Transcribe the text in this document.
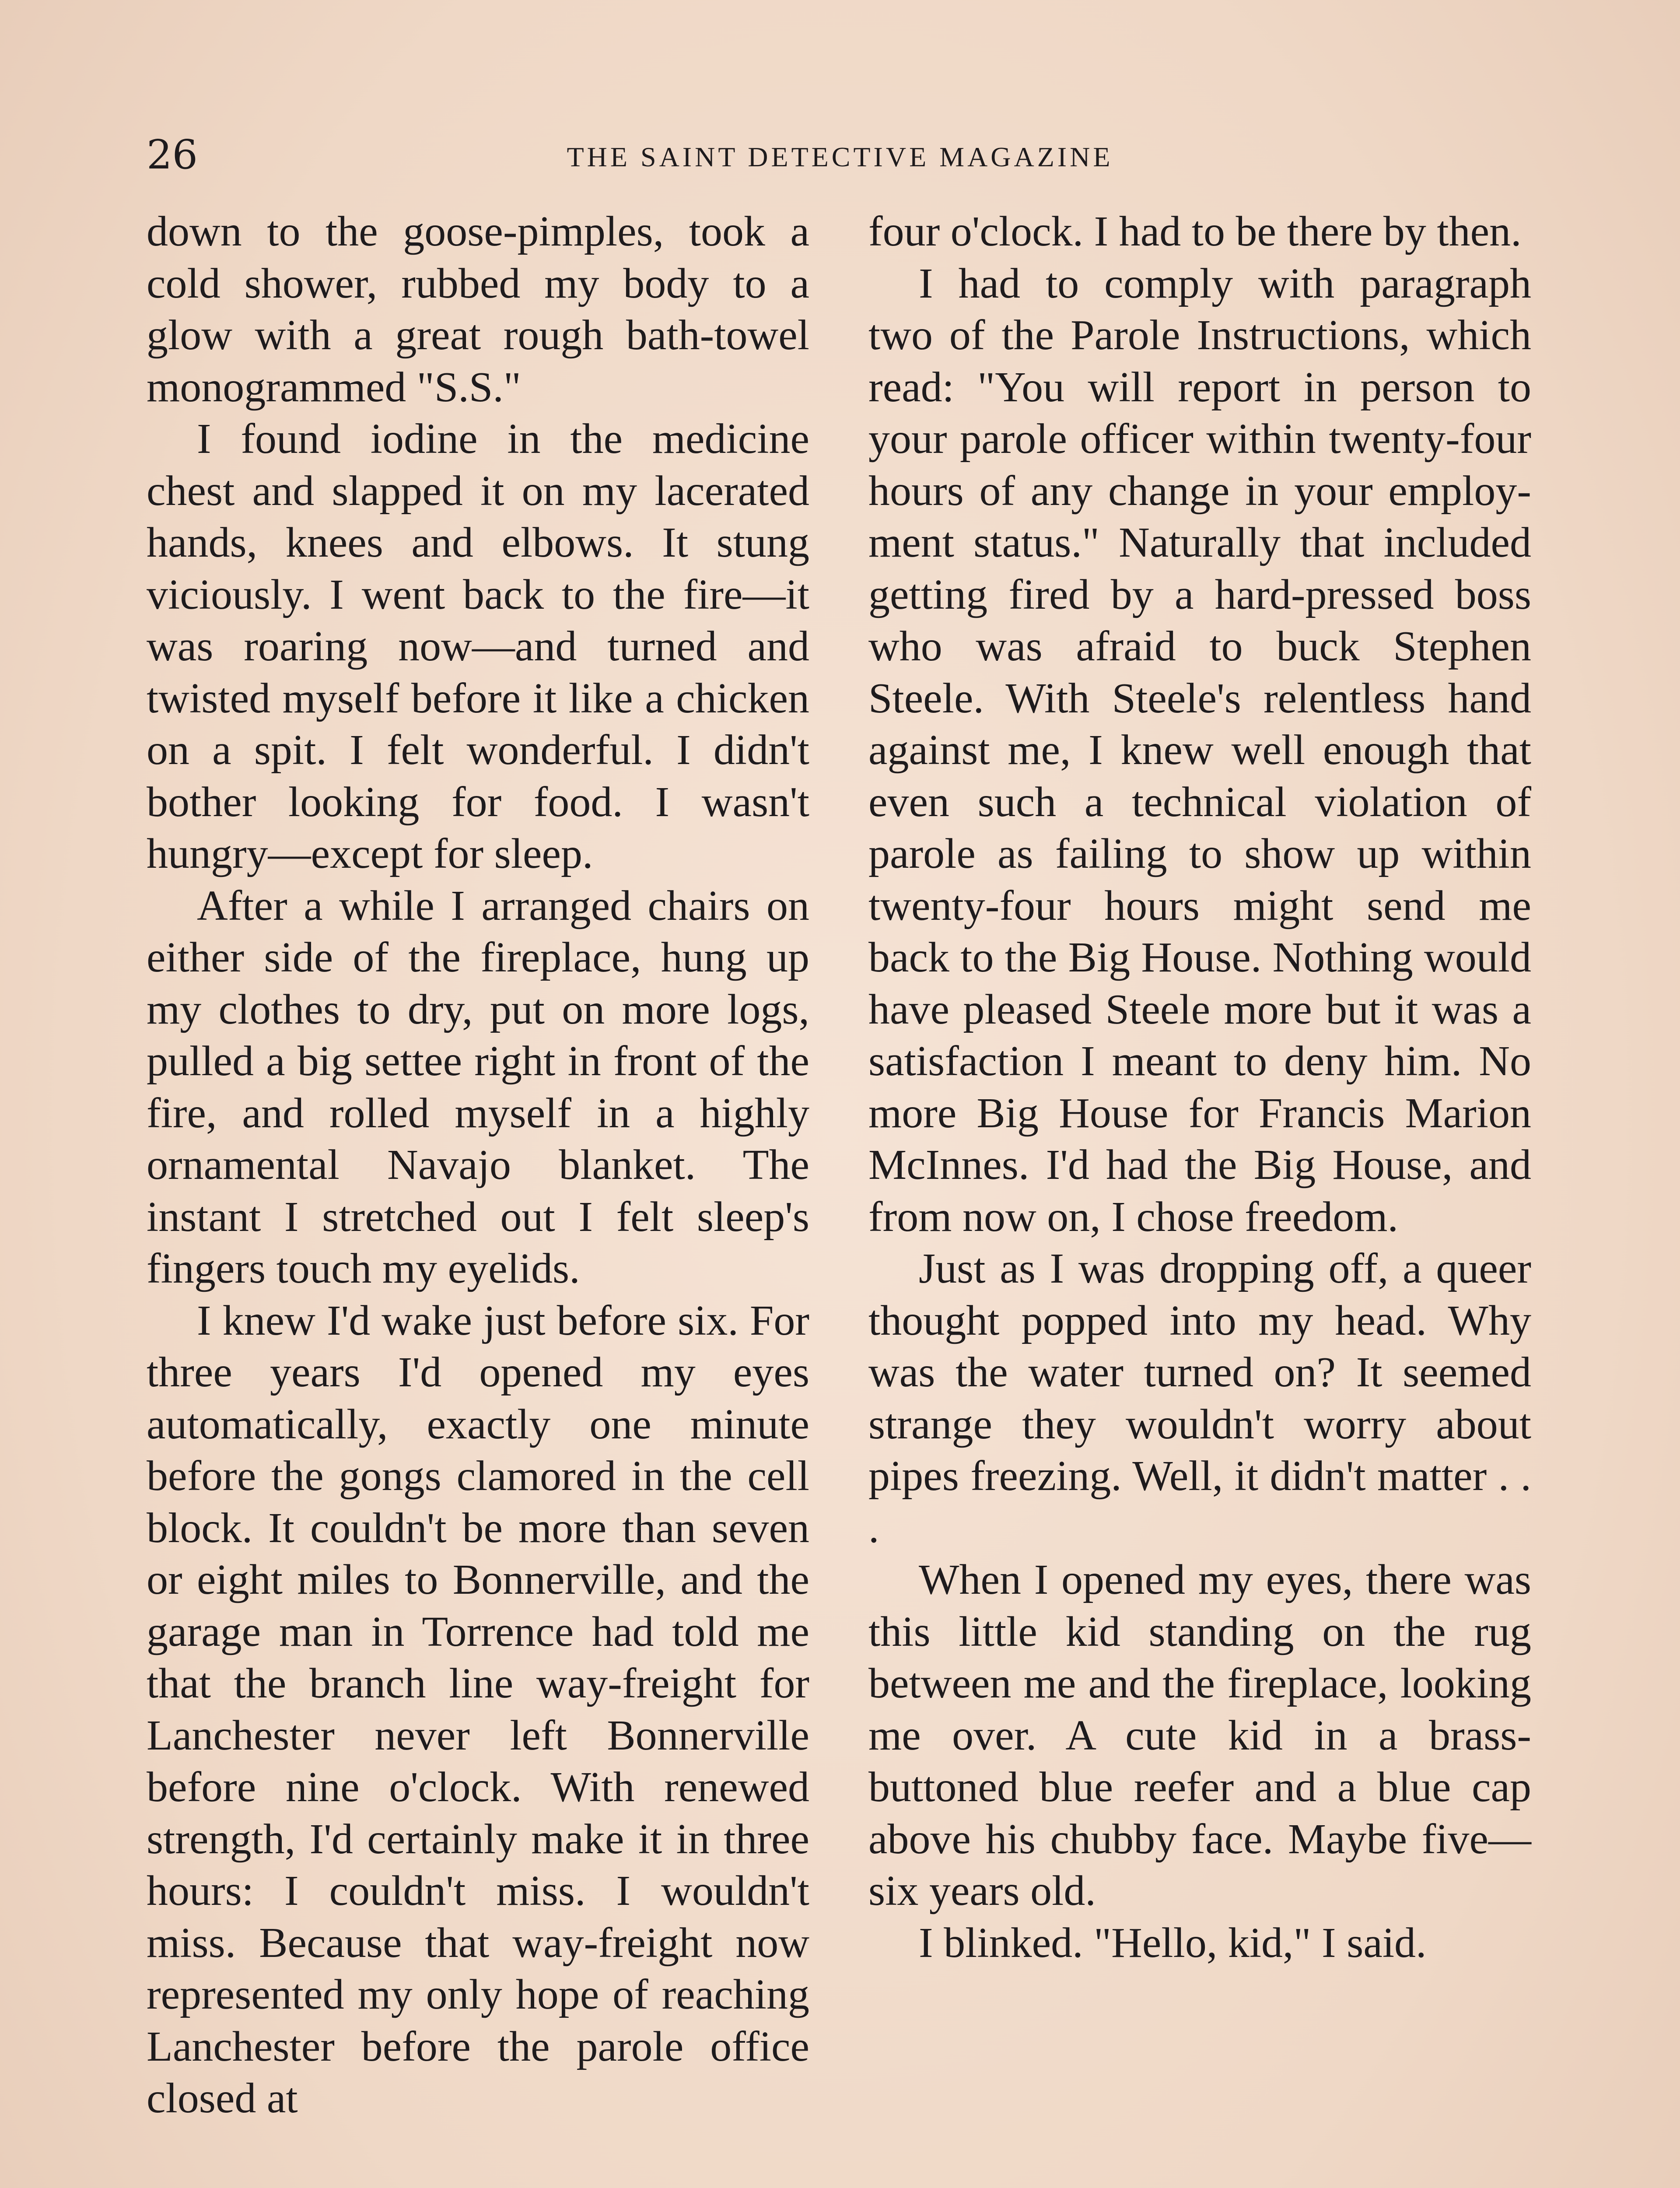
26	THE SAINT DETECTIVE MAGAZINE

down to the goose-pimples, took a cold shower, rubbed my body to a glow with a great rough bath-towel monogrammed "S.S."

I found iodine in the medicine chest and slapped it on my lacerated hands, knees and elbows. It stung viciously. I went back to the fire—it was roaring now—and turned and twisted myself before it like a chicken on a spit. I felt wonderful. I didn't bother looking for food. I wasn't hungry—except for sleep.

After a while I arranged chairs on either side of the fireplace, hung up my clothes to dry, put on more logs, pulled a big settee right in front of the fire, and rolled myself in a highly ornamental Navajo blanket. The instant I stretched out I felt sleep's fingers touch my eyelids.

I knew I'd wake just before six. For three years I'd opened my eyes automatically, exactly one minute before the gongs clamored in the cell block. It couldn't be more than seven or eight miles to Bonnerville, and the garage man in Torrence had told me that the branch line way-freight for Lanchester never left Bonnerville before nine o'clock. With renewed strength, I'd certainly make it in three hours: I couldn't miss. I wouldn't miss. Because that way-freight now represented my only hope of reaching Lanchester before the parole office closed at

four o'clock. I had to be there by then.

I had to comply with paragraph two of the Parole Instructions, which read: "You will report in person to your parole officer within twenty-four hours of any change in your employment status." Naturally that included getting fired by a hard-pressed boss who was afraid to buck Stephen Steele. With Steele's relentless hand against me, I knew well enough that even such a technical violation of parole as failing to show up within twenty-four hours might send me back to the Big House. Nothing would have pleased Steele more but it was a satisfaction I meant to deny him. No more Big House for Francis Marion McInnes. I'd had the Big House, and from now on, I chose freedom.

Just as I was dropping off, a queer thought popped into my head. Why was the water turned on? It seemed strange they wouldn't worry about pipes freezing. Well, it didn't matter . . .

When I opened my eyes, there was this little kid standing on the rug between me and the fireplace, looking me over. A cute kid in a brass-buttoned blue reefer and a blue cap above his chubby face. Maybe five—six years old.

I blinked. "Hello, kid," I said.
